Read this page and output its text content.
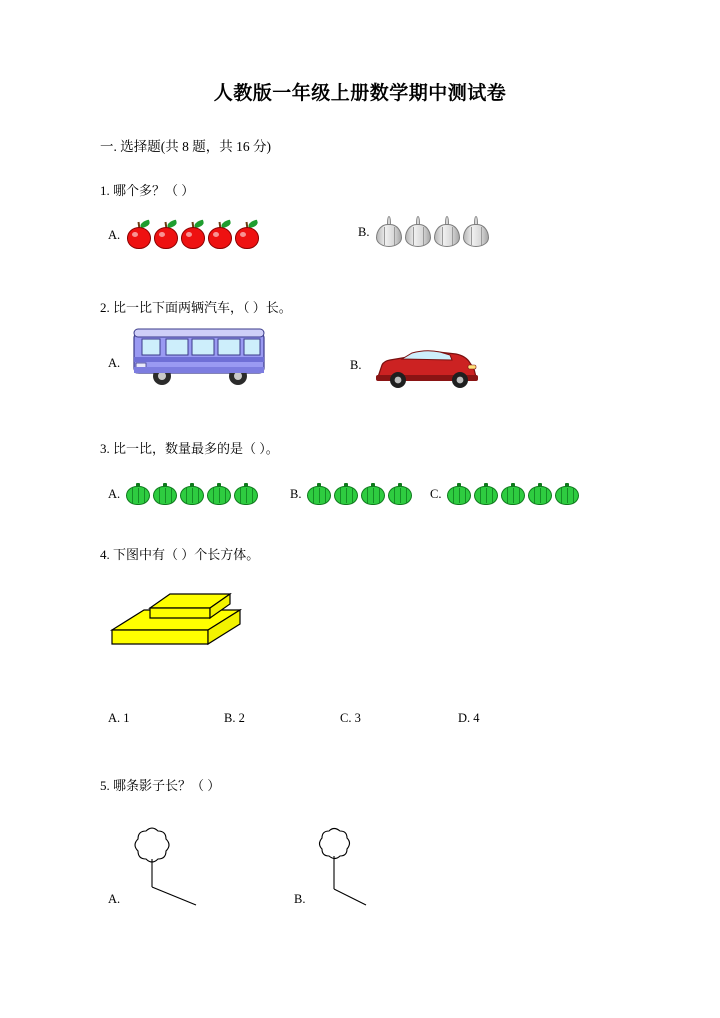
人教版一年级上册数学期中测试卷
一. 选择题(共 8 题，共 16 分)
1. 哪个多？（ ）
A.	B.
2. 比一比下面两辆汽车，（ ）长。
A.	B.
3. 比一比，数量最多的是（ ）。
A.	B.	C.
4. 下图中有（ ）个长方体。
A. 1	B. 2	C. 3	D. 4
5. 哪条影子长？（ ）
A.	B.
